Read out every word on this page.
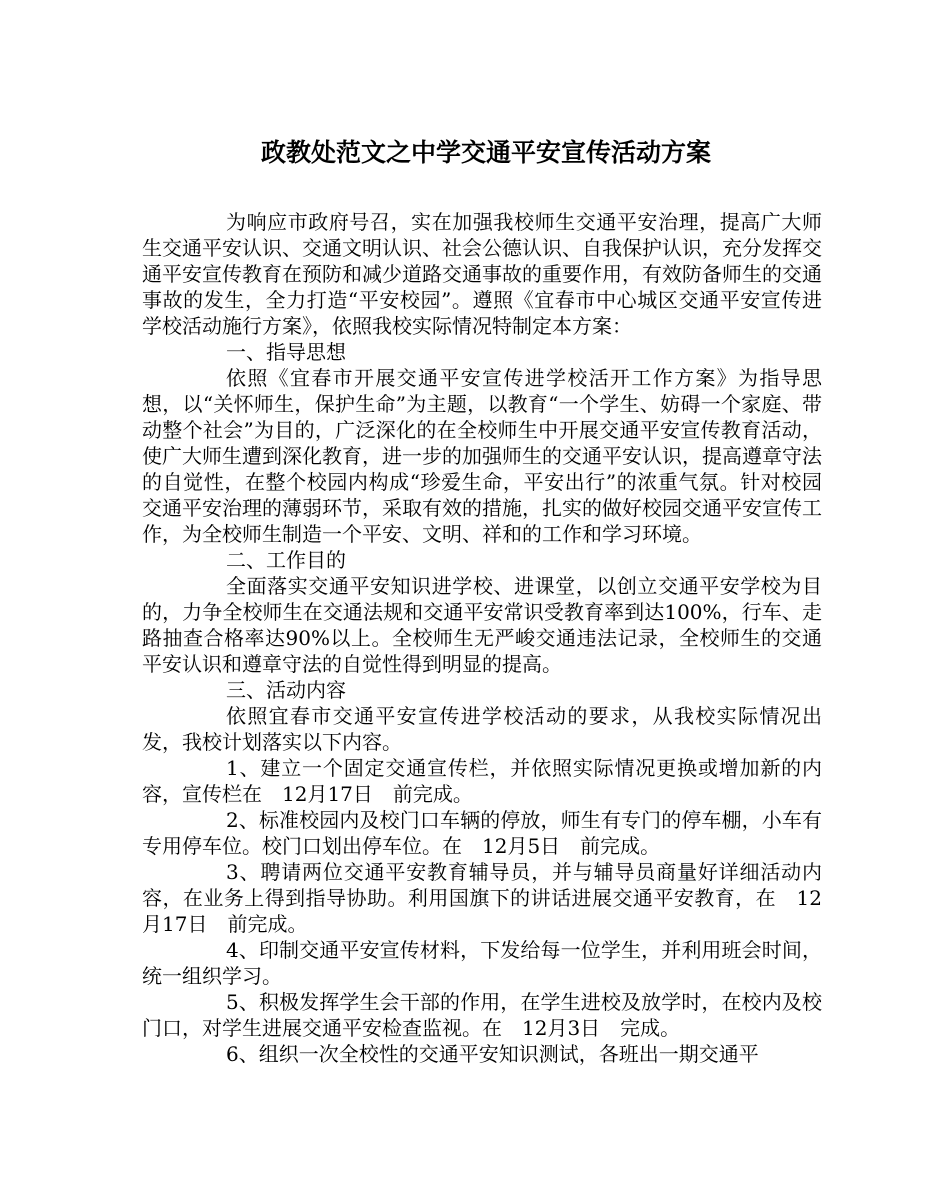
政教处范文之中学交通平安宣传活动方案

为响应市政府号召，实在加强我校师生交通平安治理，提高广大师生交通平安认识、交通文明认识、社会公德认识、自我保护认识，充分发挥交通平安宣传教育在预防和减少道路交通事故的重要作用，有效防备师生的交通事故的发生，全力打造“平安校园”。遵照《宜春市中心城区交通平安宣传进学校活动施行方案》，依照我校实际情况特制定本方案：

一、指导思想

依照《宜春市开展交通平安宣传进学校活开工作方案》为指导思想，以“关怀师生，保护生命”为主题，以教育“一个学生、妨碍一个家庭、带动整个社会”为目的，广泛深化的在全校师生中开展交通平安宣传教育活动，使广大师生遭到深化教育，进一步的加强师生的交通平安认识，提高遵章守法的自觉性，在整个校园内构成“珍爱生命，平安出行”的浓重气氛。针对校园交通平安治理的薄弱环节，采取有效的措施，扎实的做好校园交通平安宣传工作，为全校师生制造一个平安、文明、祥和的工作和学习环境。

二、工作目的

全面落实交通平安知识进学校、进课堂，以创立交通平安学校为目的，力争全校师生在交通法规和交通平安常识受教育率到达100%，行车、走路抽查合格率达90%以上。全校师生无严峻交通违法记录，全校师生的交通平安认识和遵章守法的自觉性得到明显的提高。

三、活动内容

依照宜春市交通平安宣传进学校活动的要求，从我校实际情况出发，我校计划落实以下内容。

1、建立一个固定交通宣传栏，并依照实际情况更换或增加新的内容，宣传栏在　12月17日　前完成。

2、标准校园内及校门口车辆的停放，师生有专门的停车棚，小车有专用停车位。校门口划出停车位。在　12月5日　前完成。

3、聘请两位交通平安教育辅导员，并与辅导员商量好详细活动内容，在业务上得到指导协助。利用国旗下的讲话进展交通平安教育，在　12月17日　前完成。

4、印制交通平安宣传材料，下发给每一位学生，并利用班会时间，统一组织学习。

5、积极发挥学生会干部的作用，在学生进校及放学时，在校内及校门口，对学生进展交通平安检查监视。在　12月3日　完成。

6、组织一次全校性的交通平安知识测试，各班出一期交通平
